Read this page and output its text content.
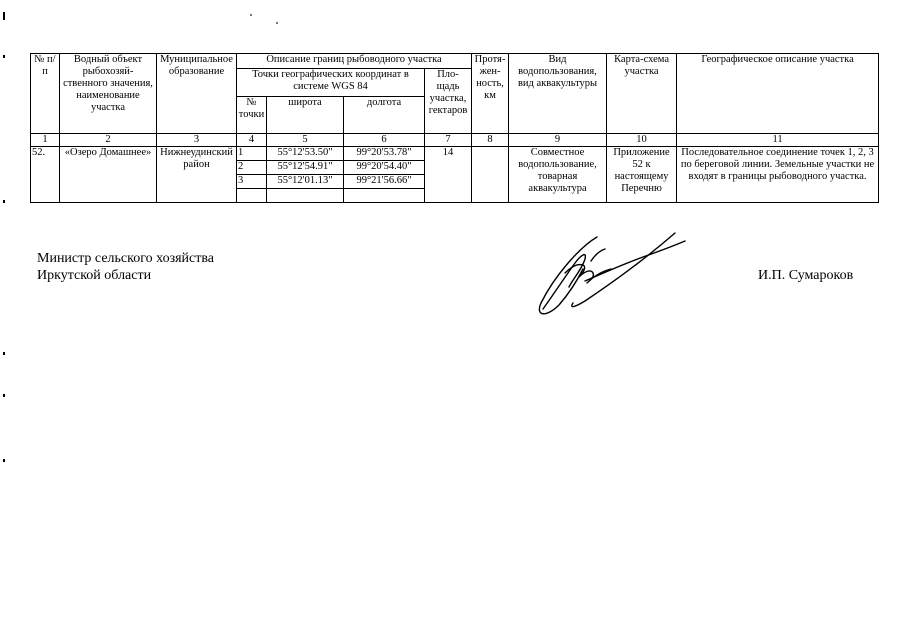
№ п/п	Водный объект рыбохозяй-ственного значения, наименование участка	Муниципальное образование	Описание границ рыбоводного участка				Протя-жен-ность, км	Вид водопользования, вид аквакультуры	Карта-схема участка	Географическое описание участка
			Точки географических координат в системе WGS 84			Пло-щадь участка, гектаров				
			№ точки	широта	долгота					
1	2	3	4	5	6	7	8	9	10	11
52.	«Озеро Домашнее»	Нижнеудинский район	1	55°12'53.50"	99°20'53.78"	14		Совместное водопользование, товарная аквакультура	Приложение 52 к настоящему Перечню	Последовательное соединение точек 1, 2, 3 по береговой линии. Земельные участки не входят в границы рыбоводного участка.
			2	55°12'54.91"	99°20'54.40"					
			3	55°12'01.13"	99°21'56.66"					

Министр сельского хозяйства
Иркутской области	И.П. Сумароков
